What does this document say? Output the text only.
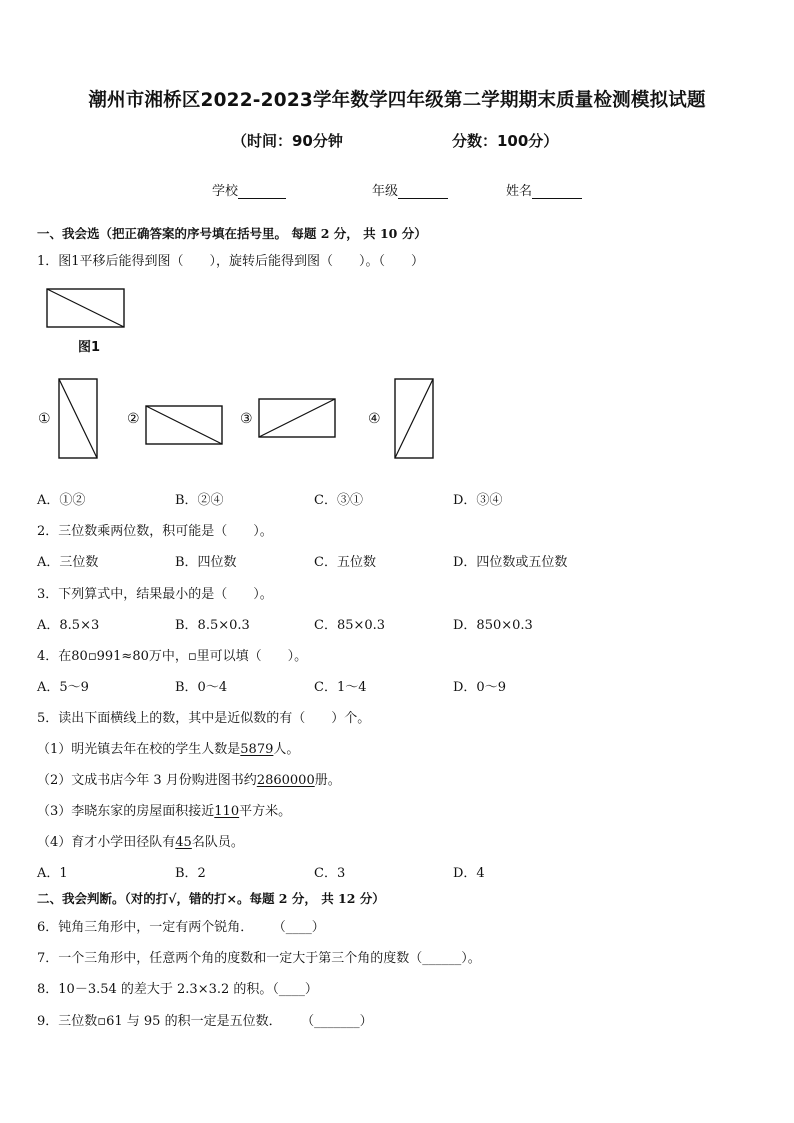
潮州市湘桥区2022-2023学年数学四年级第二学期期末质量检测模拟试题
（时间：90分钟	分数：100分）
学校	年级	姓名
一、我会选（把正确答案的序号填在括号里。 每题 2 分， 共 10 分）
1．图1平移后能得到图（　　），旋转后能得到图（　　）。（　　）
图1
①	②	③	④
A．①②	B．②④	C．③①	D．③④
2．三位数乘两位数，积可能是（　　）。
A．三位数	B．四位数	C．五位数	D．四位数或五位数
3．下列算式中，结果最小的是（　　）。
A．8.5×3	B．8.5×0.3	C．85×0.3	D．850×0.3
4．在80▫991≈80万中，▫里可以填（　　）。
A．5～9	B．0～4	C．1～4	D．0～9
5．读出下面横线上的数，其中是近似数的有（　　）个。
（1）明光镇去年在校的学生人数是5879人。
（2）文成书店今年 3 月份购进图书约2860000册。
（3）李晓东家的房屋面积接近110平方米。
（4）育才小学田径队有45名队员。
A．1	B．2	C．3	D．4
二、我会判断。（对的打√，错的打×。每题 2 分， 共 12 分）
6．钝角三角形中，一定有两个锐角． （____）
7．一个三角形中，任意两个角的度数和一定大于第三个角的度数（______）。
8．10－3.54 的差大于 2.3×3.2 的积。（____）
9．三位数▫61 与 95 的积一定是五位数． （_______）
